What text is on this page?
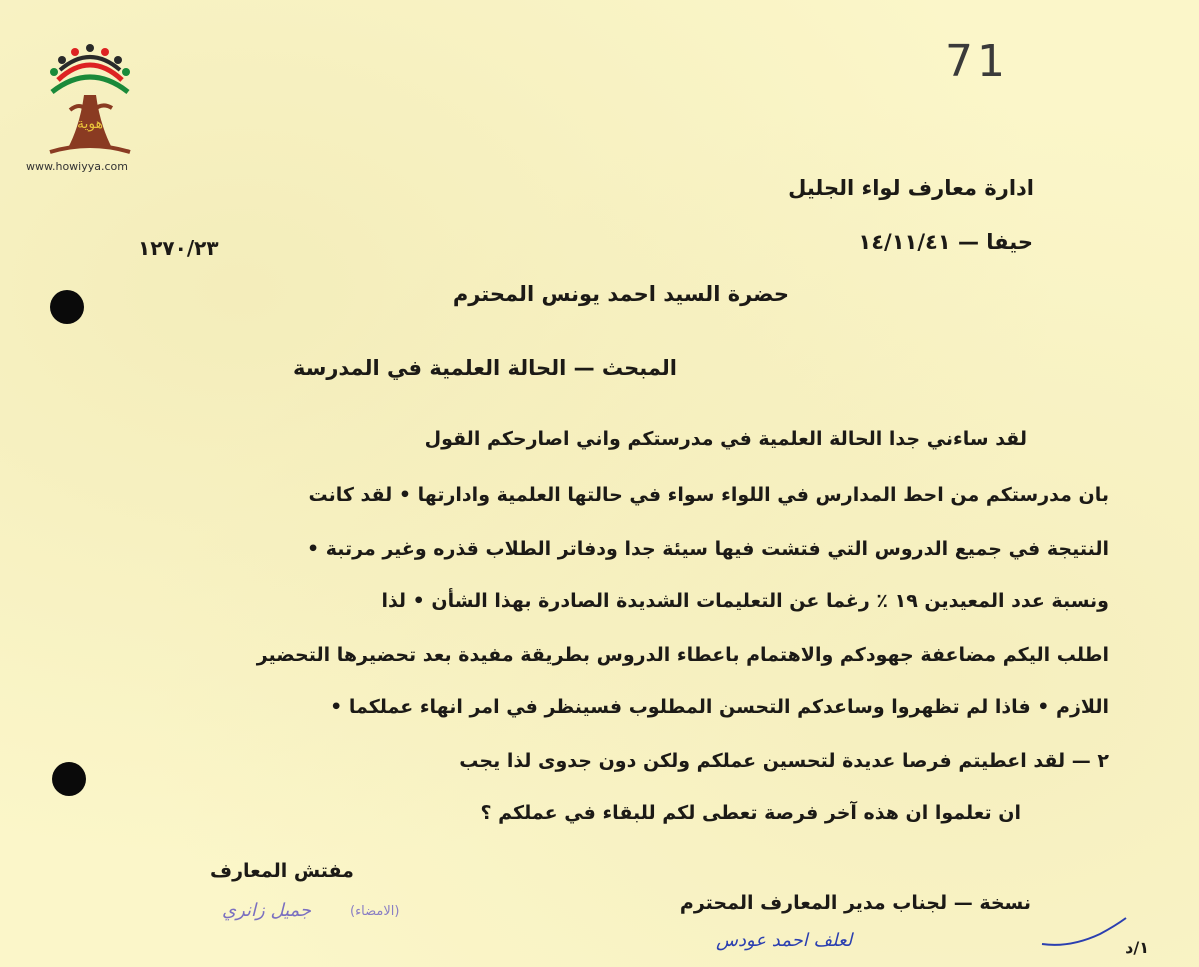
هوية
www.howiyya.com
71
ادارة معارف لواء الجليل
حيفا — ١٤/١١/٤١
١٢٧٠/٢٣
حضرة السيد احمد يونس المحترم
المبحث — الحالة العلمية في المدرسة
لقد ساءني جدا الحالة العلمية في مدرستكم واني اصارحكم القول
بان مدرستكم من احط المدارس في اللواء سواء في حالتها العلمية وادارتها • لقد كانت
النتيجة في جميع الدروس التي فتشت فيها سيئة جدا ودفاتر الطلاب قذره وغير مرتبة •
ونسبة عدد المعيدين ١٩ ٪ رغما عن التعليمات الشديدة الصادرة بهذا الشأن • لذا
اطلب اليكم مضاعفة جهودكم والاهتمام باعطاء الدروس بطريقة مفيدة بعد تحضيرها التحضير
اللازم • فاذا لم تظهروا وساعدكم التحسن المطلوب فسينظر في امر انهاء عملكما •
٢ — لقد اعطيتم فرصا عديدة لتحسين عملكم ولكن دون جدوى لذا يجب
ان تعلموا ان هذه آخر فرصة تعطى لكم للبقاء في عملكم ؟
مفتش المعارف
جميل زانري	(الامضاء)	نسخة — لجناب مدير المعارف المحترم
لعلف احمد عودس	١/د
